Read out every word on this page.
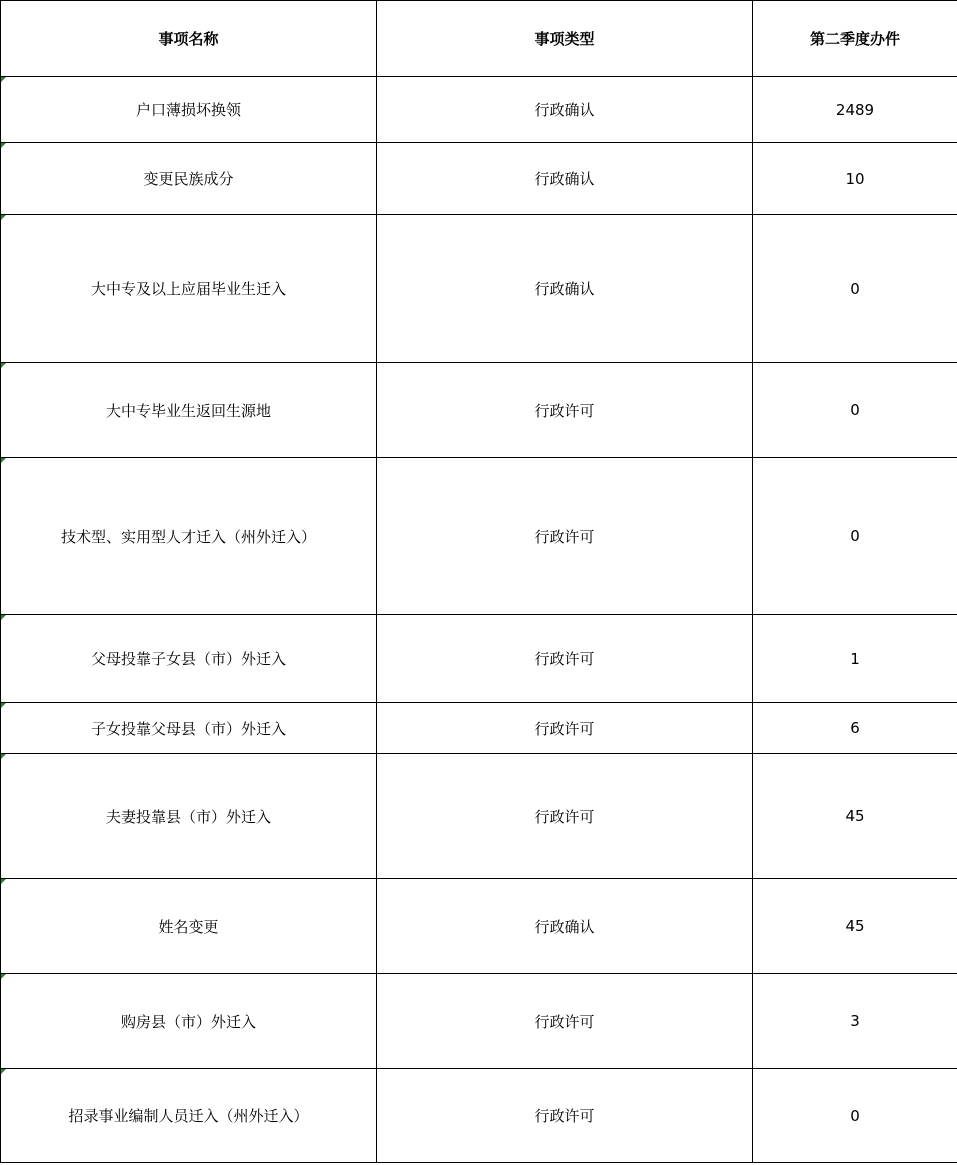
事项名称	事项类型	第二季度办件
户口薄损坏换领	行政确认	2489
变更民族成分	行政确认	10
大中专及以上应届毕业生迁入	行政确认	0
大中专毕业生返回生源地	行政许可	0
技术型、实用型人才迁入（州外迁入）	行政许可	0
父母投靠子女县（市）外迁入	行政许可	1
子女投靠父母县（市）外迁入	行政许可	6
夫妻投靠县（市）外迁入	行政许可	45
姓名变更	行政确认	45
购房县（市）外迁入	行政许可	3
招录事业编制人员迁入（州外迁入）	行政许可	0
